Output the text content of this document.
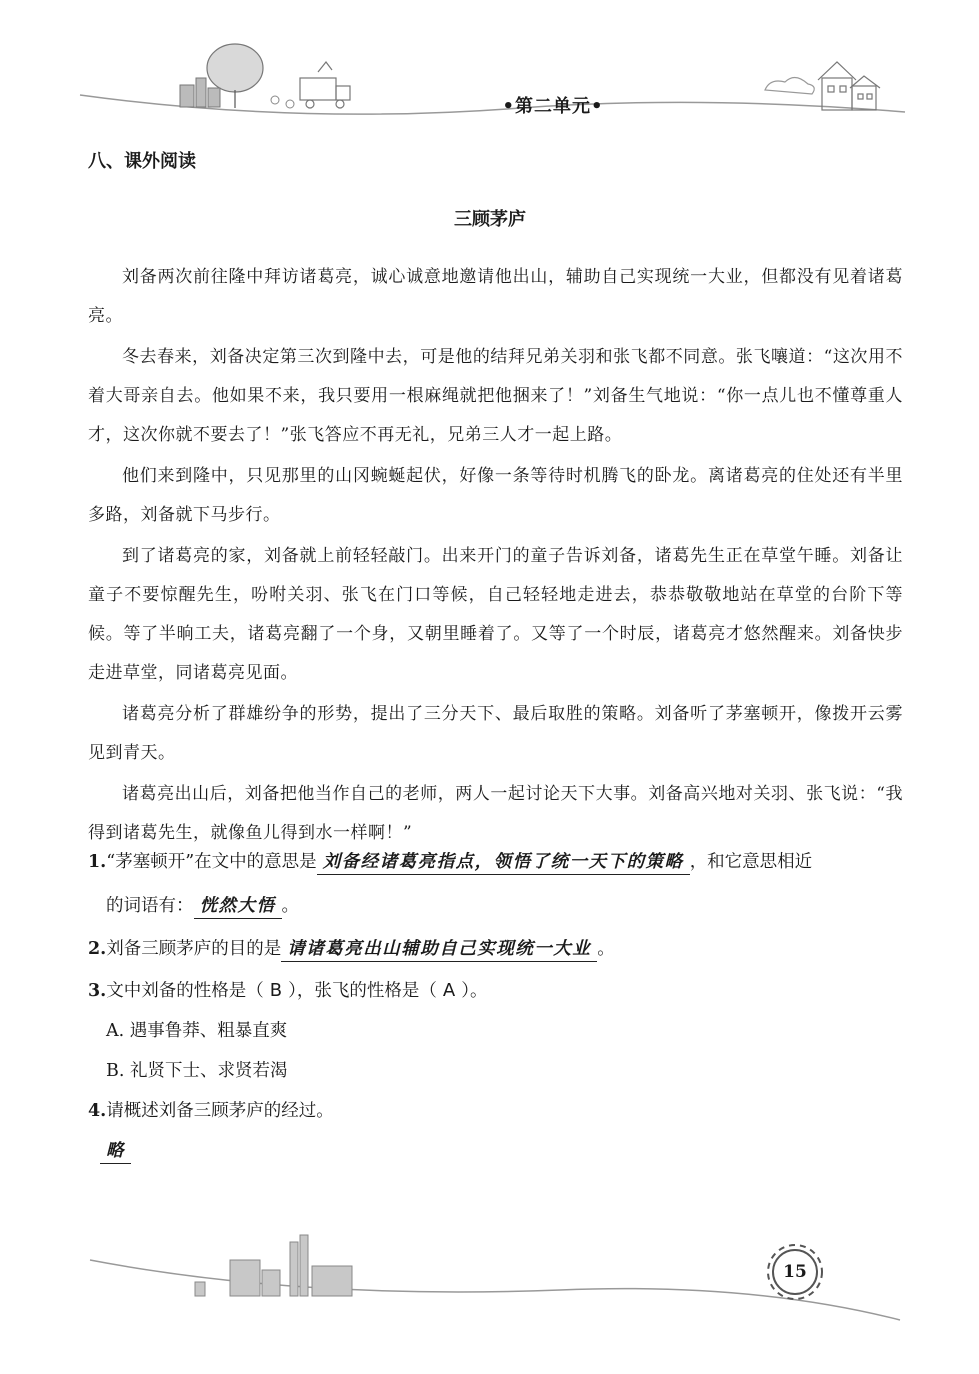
•第二单元•
八、课外阅读
三顾茅庐

刘备两次前往隆中拜访诸葛亮，诚心诚意地邀请他出山，辅助自己实现统一大业，但都没有见着诸葛亮。

冬去春来，刘备决定第三次到隆中去，可是他的结拜兄弟关羽和张飞都不同意。张飞嚷道：“这次用不着大哥亲自去。他如果不来，我只要用一根麻绳就把他捆来了！”刘备生气地说：“你一点儿也不懂尊重人才，这次你就不要去了！”张飞答应不再无礼，兄弟三人才一起上路。

他们来到隆中，只见那里的山冈蜿蜒起伏，好像一条等待时机腾飞的卧龙。离诸葛亮的住处还有半里多路，刘备就下马步行。

到了诸葛亮的家，刘备就上前轻轻敲门。出来开门的童子告诉刘备，诸葛先生正在草堂午睡。刘备让童子不要惊醒先生，吩咐关羽、张飞在门口等候，自己轻轻地走进去，恭恭敬敬地站在草堂的台阶下等候。等了半晌工夫，诸葛亮翻了一个身，又朝里睡着了。又等了一个时辰，诸葛亮才悠然醒来。刘备快步走进草堂，同诸葛亮见面。

诸葛亮分析了群雄纷争的形势，提出了三分天下、最后取胜的策略。刘备听了茅塞顿开，像拨开云雾见到青天。

诸葛亮出山后，刘备把他当作自己的老师，两人一起讨论天下大事。刘备高兴地对关羽、张飞说：“我得到诸葛先生，就像鱼儿得到水一样啊！”

1.“茅塞顿开”在文中的意思是 刘备经诸葛亮指点，领悟了统一天下的策略 ，和它意思相近
的词语有： 恍然大悟 。
2.刘备三顾茅庐的目的是 请诸葛亮出山辅助自己实现统一大业 。
3.文中刘备的性格是（ B ），张飞的性格是（ A ）。
A. 遇事鲁莽、粗暴直爽
B. 礼贤下士、求贤若渴
4.请概述刘备三顾茅庐的经过。
略
15
